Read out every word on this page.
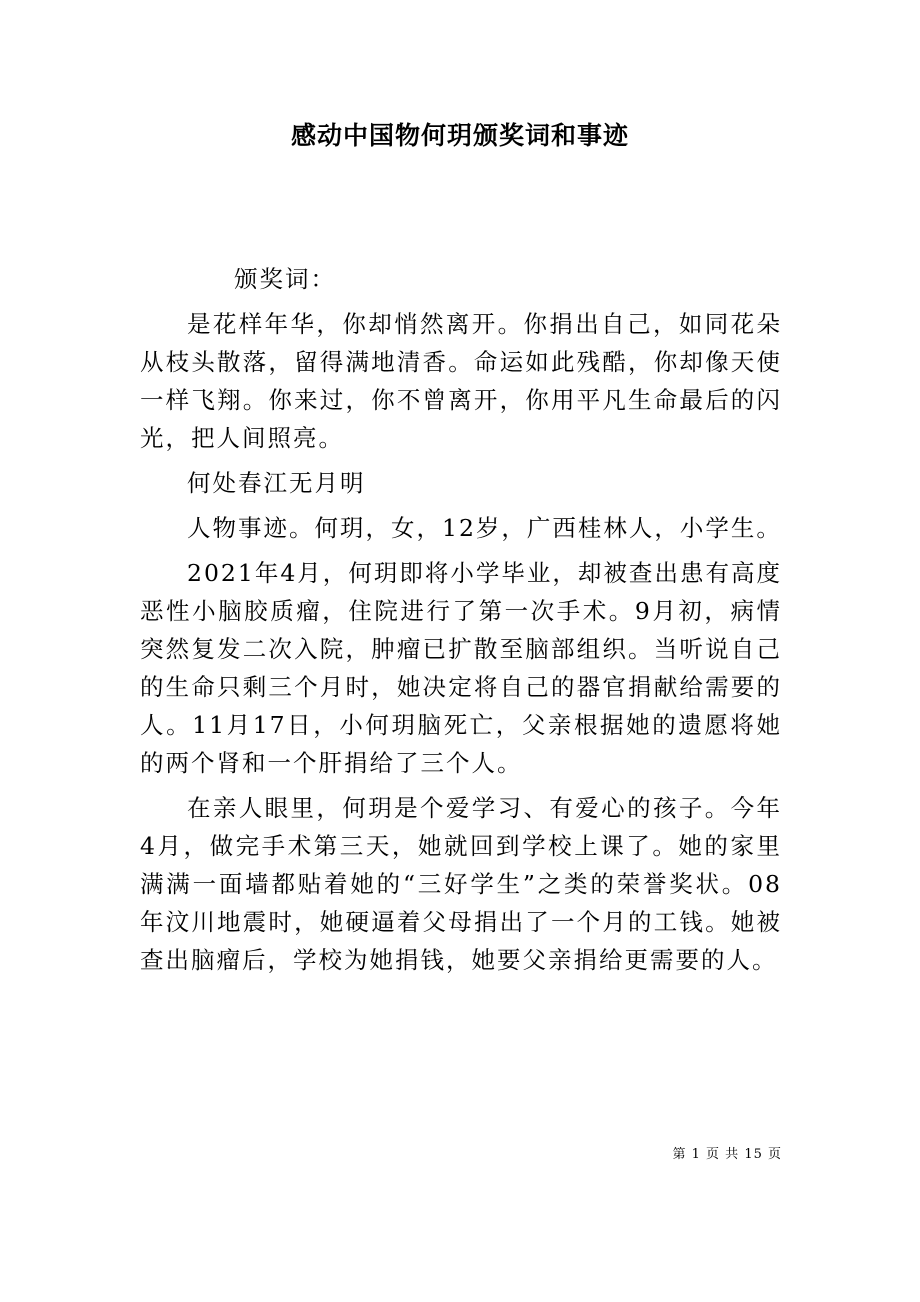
感动中国物何玥颁奖词和事迹

颁奖词：

是花样年华，你却悄然离开。你捐出自己，如同花朵从枝头散落，留得满地清香。命运如此残酷，你却像天使一样飞翔。你来过，你不曾离开，你用平凡生命最后的闪光，把人间照亮。

何处春江无月明

人物事迹。何玥，女，12岁，广西桂林人，小学生。

2021年4月，何玥即将小学毕业，却被查出患有高度恶性小脑胶质瘤，住院进行了第一次手术。9月初，病情突然复发二次入院，肿瘤已扩散至脑部组织。当听说自己的生命只剩三个月时，她决定将自己的器官捐献给需要的人。11月17日，小何玥脑死亡，父亲根据她的遗愿将她的两个肾和一个肝捐给了三个人。

在亲人眼里，何玥是个爱学习、有爱心的孩子。今年4月，做完手术第三天，她就回到学校上课了。她的家里满满一面墙都贴着她的“三好学生”之类的荣誉奖状。08年汶川地震时，她硬逼着父母捐出了一个月的工钱。她被查出脑瘤后，学校为她捐钱，她要父亲捐给更需要的人。

第 1 页 共 15 页
